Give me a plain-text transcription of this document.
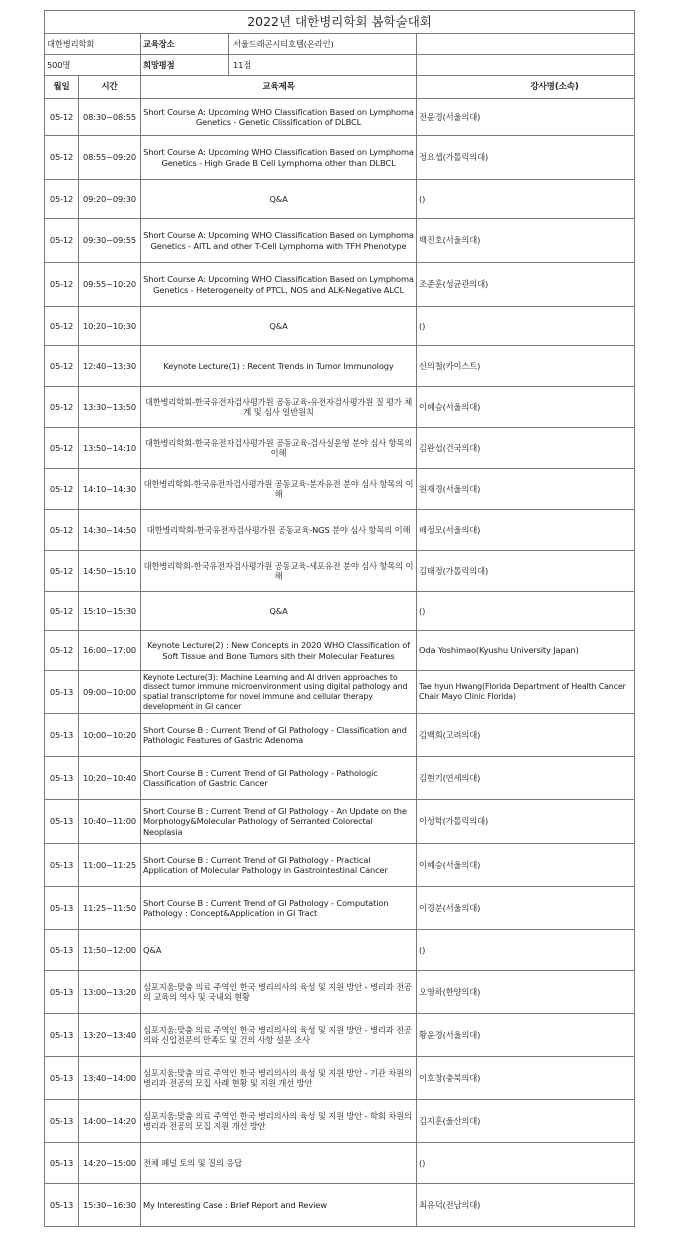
2022년 대한병리학회 봄학술대회			
대한병리학회		교육장소 서울드래곤시티호텔(온라인)	

500명		희망평점 11점	

월일	시간	교육제목	강사명(소속)
05-12	08:30~08:55	Short Course A: Upcoming WHO Classification Based on Lymphoma Genetics - Genetic Clissification of DLBCL	전윤경(서울의대)
05-12	08:55~09:20	Short Course A: Upcoming WHO Classification Based on Lymphoma Genetics - High Grade B Cell Lymphoma other than DLBCL	정요셉(가톨릭의대)
05-12	09:20~09:30	Q&A	()
05-12	09:30~09:55	Short Course A: Upcoming WHO Classification Based on Lymphoma Genetics - AITL and other T-Cell Lymphoma with TFH Phenotype	백진호(서울의대)
05-12	09:55~10:20	Short Course A: Upcoming WHO Classification Based on Lymphoma Genetics - Heterogeneity of PTCL, NOS and ALK-Negative ALCL	조준훈(성균관의대)
05-12	10:20~10:30	Q&A	()
05-12	12:40~13:30	Keynote Lecture(1) : Recent Trends in Tumor Immunology	신의철(카이스트)
05-12	13:30~13:50	대한병리학회-한국유전자검사평가원 공동교육-유전자검사평가원 질 평가 체계 및 심사 일반원칙	이혜승(서울의대)
05-12	13:50~14:10	대한병리학회-한국유전자검사평가원 공동교육-검사실운영 분야 심사 항목의 이해	김완섭(건국의대)
05-12	14:10~14:30	대한병리학회-한국유전자검사평가원 공동교육-분자유전 분야 심사 항목의 이해	원재경(서울의대)
05-12	14:30~14:50	대한병리학회-한국유전자검사평가원 공동교육-NGS 분야 심사 항목의 이해	배정모(서울의대)
05-12	14:50~15:10	대한병리학회-한국유전자검사평가원 공동교육-세포유전 분야 심사 항목의 이해	김태정(가톨릭의대)
05-12	15:10~15:30	Q&A	()
05-12	16:00~17:00	Keynote Lecture(2) : New Concepts in 2020 WHO Classification of Soft Tissue and Bone Tumors sith their Molecular Features	Oda Yoshimao(Kyushu University Japan)
05-13	09:00~10:00	Keynote Lecture(3): Machine Learning and AI driven approaches to dissect tumor immune microenvironment using digital pathology and spatial transcriptome for novel immune and cellular therapy development in GI cancer	Tae hyun Hwang(Florida Department of Health Cancer Chair Mayo Clinic Florida)
05-13	10:00~10:20	Short Course B : Current Trend of GI Pathology - Classification and Pathologic Features of Gastric Adenoma	김백희(고려의대)
05-13	10:20~10:40	Short Course B : Current Trend of GI Pathology - Pathologic Classification of Gastric Cancer	김현기(연세의대)
05-13	10:40~11:00	Short Course B : Current Trend of GI Pathology - An Update on the Morphology&Molecular Pathology of Serranted Colorectal Neoplasia	이성학(가톨릭의대)
05-13	11:00~11:25	Short Course B : Current Trend of GI Pathology - Practical Application of Molecular Pathology in Gastrointestinal Cancer	이혜승(서울의대)
05-13	11:25~11:50	Short Course B : Current Trend of GI Pathology - Computation Pathology : Concept&Application in GI Tract	이경분(서울의대)
05-13	11:50~12:00	Q&A	()
05-13	13:00~13:20	심포지움:맞춤 의료 주역인 한국 병리의사의 육성 및 지원 방안 - 병리과 전공의 교육의 역사 및 국내외 현황	오영하(한양의대)
05-13	13:20~13:40	심포지움:맞춤 의료 주역인 한국 병리의사의 육성 및 지원 방안 - 병리과 전공의와 신입전문의 만족도 및 건의 사항 설문 조사	황윤경(서울의대)
05-13	13:40~14:00	심포지움:맞춤 의료 주역인 한국 병리의사의 육성 및 지원 방안 - 기관 차원의 병리과 전공의 모집 사례 현황 및 지원 개선 방안	이호창(충북의대)
05-13	14:00~14:20	심포지움:맞춤 의료 주역인 한국 병리의사의 육성 및 지원 방안 - 학회 차원의 병리과 전공의 모집 지원 개선 방안	김지훈(울산의대)
05-13	14:20~15:00	전체 패널 토의 및 질의 응답	()
05-13	15:30~16:30	My Interesting Case : Brief Report and Review	최유덕(전남의대)
